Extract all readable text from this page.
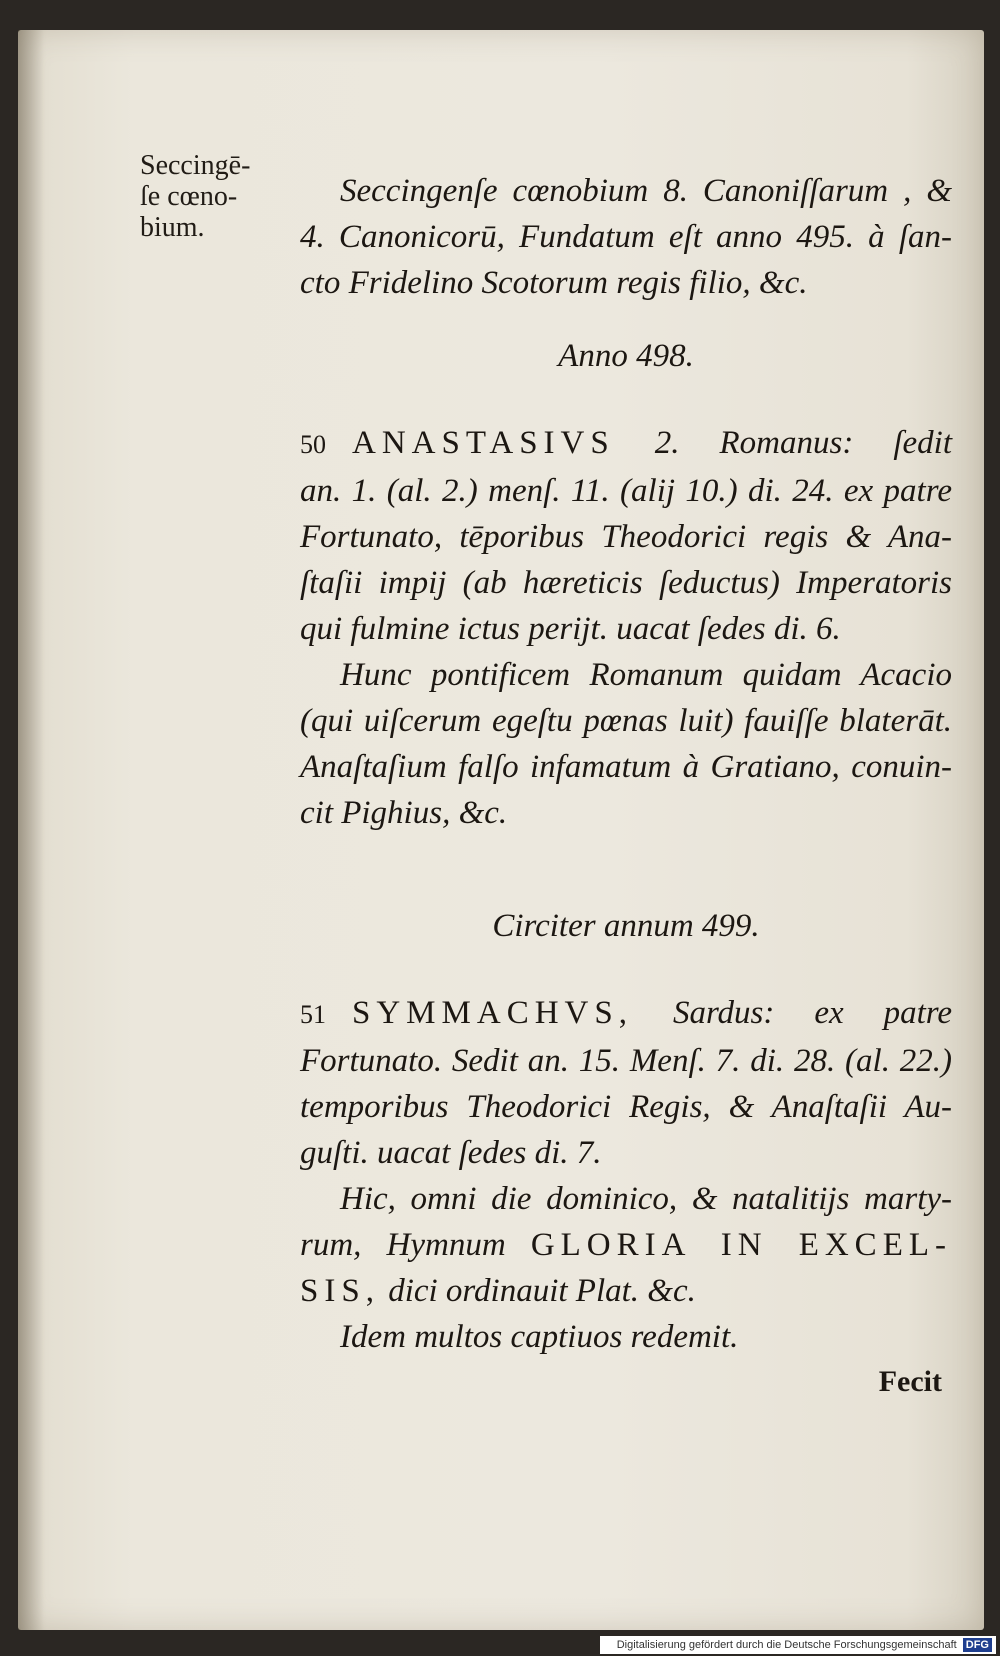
Seccingē-
ſe cœno-
bium.
Seccingenſe cœnobium 8. Canoniſſarum , &
4. Canonicorū, Fundatum eſt anno 495. à ſan-
cto Fridelino Scotorum regis filio, &c.
Anno 498.
50 ANASTASIVS 2. Romanus: ſedit
an. 1. (al. 2.) menſ. 11. (alij 10.) di. 24. ex patre
Fortunato, tēporibus Theodorici regis & Ana-
ſtaſii impij (ab hæreticis ſeductus) Imperatoris
qui fulmine ictus perijt. uacat ſedes di. 6.
Hunc pontificem Romanum quidam Acacio
(qui uiſcerum egeſtu pœnas luit) fauiſſe blaterāt.
Anaſtaſium falſo infamatum à Gratiano, conuin-
cit Pighius, &c.
Circiter annum 499.
51 SYMMACHVS, Sardus: ex patre
Fortunato. Sedit an. 15. Menſ. 7. di. 28. (al. 22.)
temporibus Theodorici Regis, & Anaſtaſii Au-
guſti. uacat ſedes di. 7.
Hic, omni die dominico, & natalitijs marty-
rum, Hymnum GLORIA IN EXCEL-
SIS, dici ordinauit Plat. &c.
Idem multos captiuos redemit.
Fecit
Digitalisierung gefördert durch die Deutsche Forschungsgemeinschaft DFG
